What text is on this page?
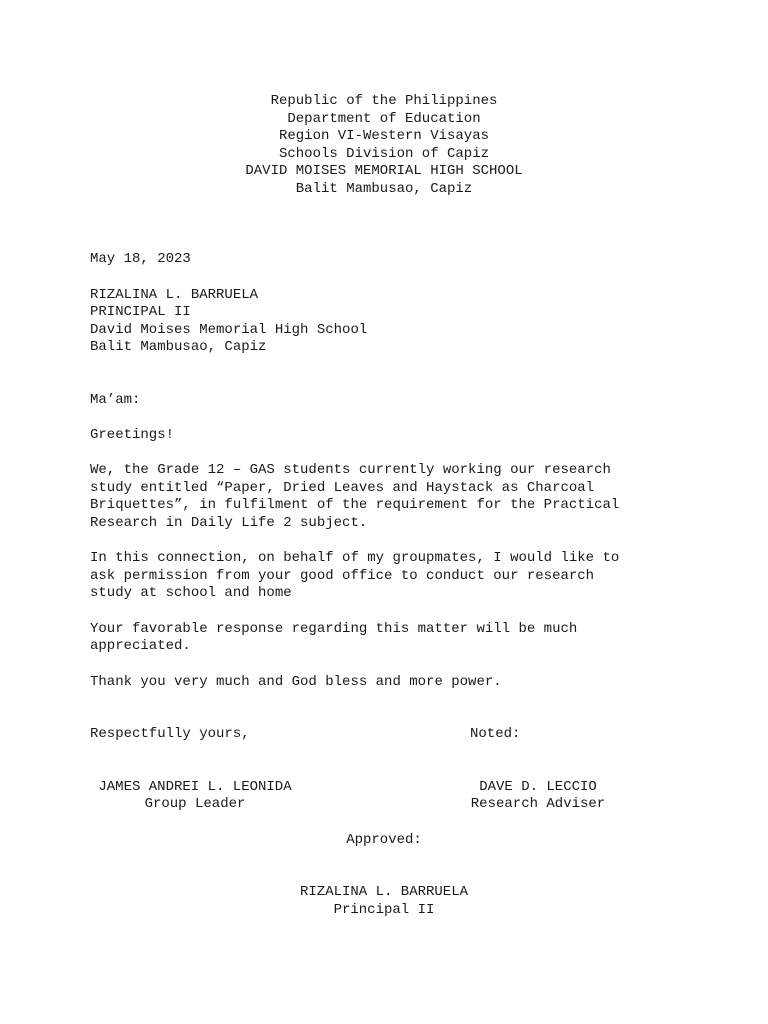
Republic of the Philippines
Department of Education
Region VI-Western Visayas
Schools Division of Capiz
DAVID MOISES MEMORIAL HIGH SCHOOL
Balit Mambusao, Capiz
May 18, 2023
RIZALINA L. BARRUELA
PRINCIPAL II
David Moises Memorial High School
Balit Mambusao, Capiz
Ma’am:
Greetings!
We, the Grade 12 – GAS students currently working our research
study entitled “Paper, Dried Leaves and Haystack as Charcoal
Briquettes”, in fulfilment of the requirement for the Practical
Research in Daily Life 2 subject.
In this connection, on behalf of my groupmates, I would like to
ask permission from your good office to conduct our research
study at school and home
Your favorable response regarding this matter will be much
appreciated.
Thank you very much and God bless and more power.
Respectfully yours,	Noted:
JAMES ANDREI L. LEONIDA
Group Leader
DAVE D. LECCIO
Research Adviser
Approved:
RIZALINA L. BARRUELA
Principal II
